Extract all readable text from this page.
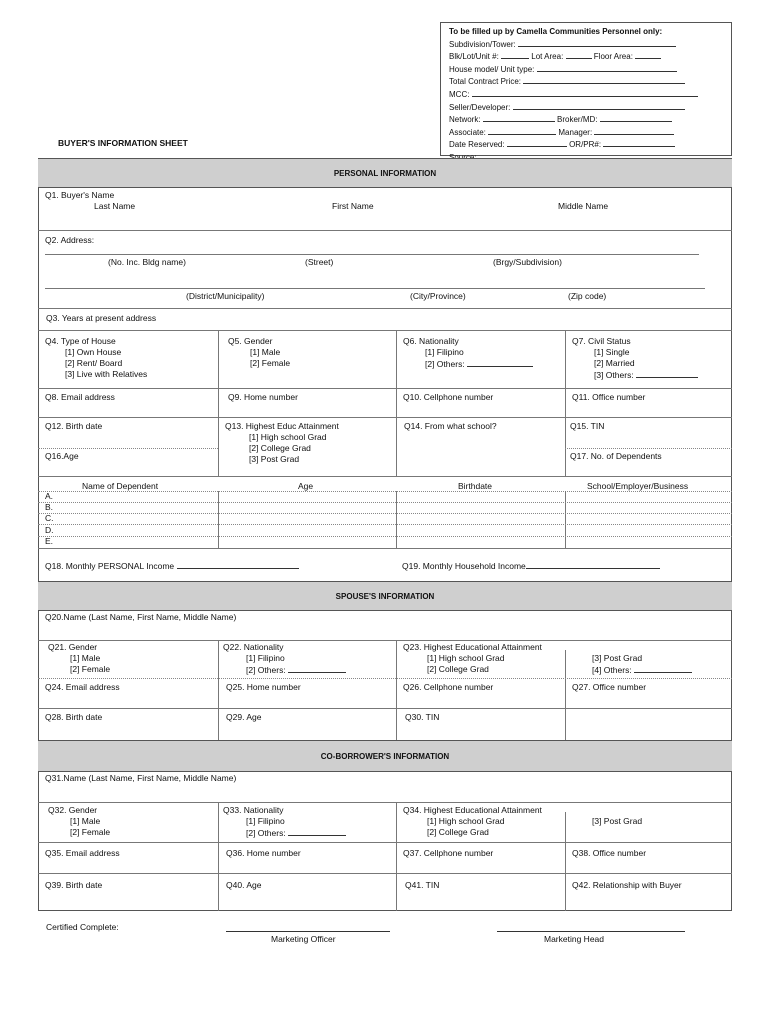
To be filled up by Camella Communities Personnel only:
Subdivision/Tower:
Blk/Lot/Unit #:	Lot Area:	Floor Area:
House model/ Unit type:
Total Contract Price:
MCC:
Seller/Developer:
Network:	Broker/MD:
Associate:	Manager:
Date Reserved:	OR/PR#:
BUYER'S INFORMATION SHEET
PERSONAL INFORMATION
Q1. Buyer's Name
Last Name	First Name	Middle Name
Q2. Address:
(No. Inc. Bldg name)	(Street)	(Brgy/Subdivision)
(District/Municipality)	(City/Province)	(Zip code)
Q3. Years at present address
Q4. Type of House
[1] Own House
[2] Rent/ Board
[3] Live with Relatives
Q5. Gender
[1] Male
[2] Female
Q6. Nationality
[1] Filipino
[2] Others:
Q7. Civil Status
[1] Single
[2] Married
[3] Others:
Q8. Email address	Q9. Home number	Q10. Cellphone number	Q11. Office number
Q12. Birth date	Q13. Highest Educ Attainment
[1] High school Grad
[2] College Grad
[3] Post Grad
Q14. From what school?	Q15. TIN
Q16.Age	Q17. No. of Dependents
Name of Dependent	Age	Birthdate	School/Employer/Business
A.
B.
C.
D.
E.
Q18. Monthly PERSONAL Income	Q19. Monthly Household Income
SPOUSE'S INFORMATION
Q20.Name (Last Name, First Name, Middle Name)
Q21. Gender
[1] Male
[2] Female
Q22. Nationality
[1] Filipino
[2] Others:
Q23. Highest Educational Attainment
[1] High school Grad
[2] College Grad
[3] Post Grad
[4] Others:
Q24. Email address	Q25. Home number	Q26. Cellphone number	Q27. Office number
Q28. Birth date	Q29. Age	Q30. TIN
CO-BORROWER'S INFORMATION
Q31.Name (Last Name, First Name, Middle Name)
Q32. Gender
[1] Male
[2] Female
Q33. Nationality
[1] Filipino
[2] Others:
Q34. Highest Educational Attainment
[1] High school Grad
[2] College Grad
[3] Post Grad
Q35. Email address	Q36. Home number	Q37. Cellphone number	Q38. Office number
Q39. Birth date	Q40. Age	Q41. TIN	Q42. Relationship with Buyer
Certified Complete:
Marketing Officer	Marketing Head
